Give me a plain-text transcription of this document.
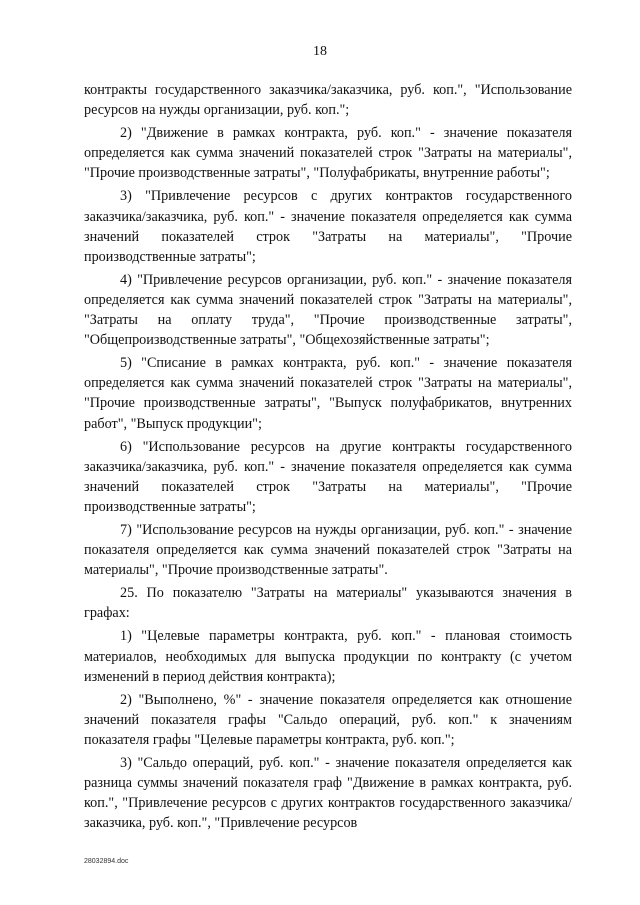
18

контракты государственного заказчика/заказчика, руб. коп.", "Использование ресурсов на нужды организации, руб. коп.";

2) "Движение в рамках контракта, руб. коп." - значение показателя определяется как сумма значений показателей строк "Затраты на материалы", "Прочие производственные затраты", "Полуфабрикаты, внутренние работы";

3) "Привлечение ресурсов с других контрактов государственного заказчика/заказчика, руб. коп." - значение показателя определяется как сумма значений показателей строк "Затраты на материалы", "Прочие производственные затраты";

4) "Привлечение ресурсов организации, руб. коп." - значение показателя определяется как сумма значений показателей строк "Затраты на материалы", "Затраты на оплату труда", "Прочие производственные затраты", "Общепроизводственные затраты", "Общехозяйственные затраты";

5) "Списание в рамках контракта, руб. коп." - значение показателя определяется как сумма значений показателей строк "Затраты на материалы", "Прочие производственные затраты", "Выпуск полуфабрикатов, внутренних работ", "Выпуск продукции";

6) "Использование ресурсов на другие контракты государственного заказчика/заказчика, руб. коп." - значение показателя определяется как сумма значений показателей строк "Затраты на материалы", "Прочие производственные затраты";

7) "Использование ресурсов на нужды организации, руб. коп." - значение показателя определяется как сумма значений показателей строк "Затраты на материалы", "Прочие производственные затраты".

25. По показателю "Затраты на материалы" указываются значения в графах:

1) "Целевые параметры контракта, руб. коп." - плановая стоимость материалов, необходимых для выпуска продукции по контракту (с учетом изменений в период действия контракта);

2) "Выполнено, %" - значение показателя определяется как отношение значений показателя графы "Сальдо операций, руб. коп." к значениям показателя графы "Целевые параметры контракта, руб. коп.";

3) "Сальдо операций, руб. коп." - значение показателя определяется как разница суммы значений показателя граф "Движение в рамках контракта, руб. коп.", "Привлечение ресурсов с других контрактов государственного заказчика/заказчика, руб. коп.", "Привлечение ресурсов

28032894.doc
